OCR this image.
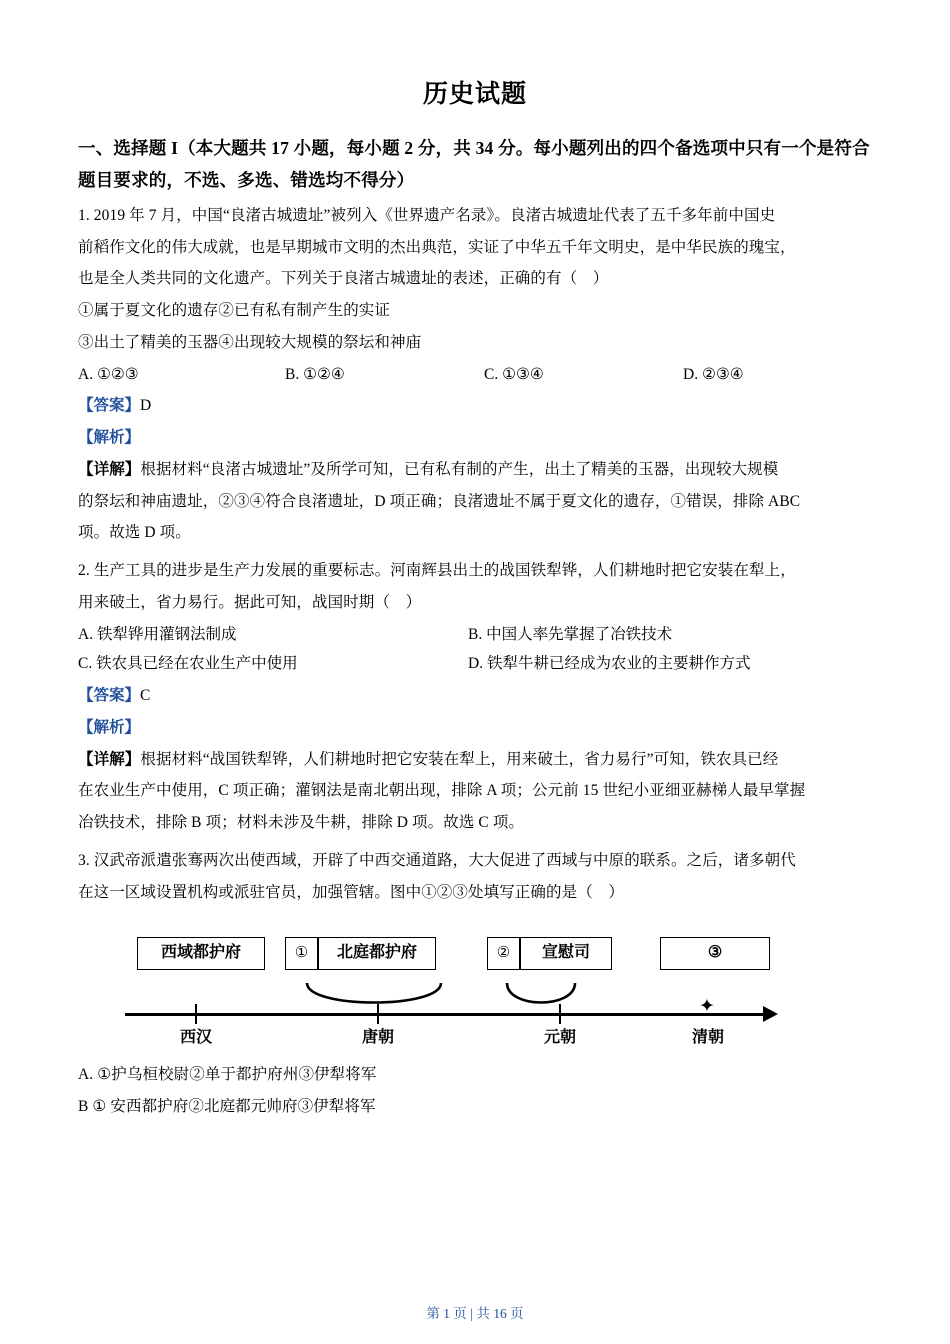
历史试题
一、选择题 I（本大题共 17 小题，每小题 2 分，共 34 分。每小题列出的四个备选项中只有一个是符合题目要求的，不选、多选、错选均不得分）

1. 2019 年 7 月，中国“良渚古城遗址”被列入《世界遗产名录》。良渚古城遗址代表了五千多年前中国史

前稻作文化的伟大成就，也是早期城市文明的杰出典范，实证了中华五千年文明史，是中华民族的瑰宝，

也是全人类共同的文化遗产。下列关于良渚古城遗址的表述，正确的有（　）

①属于夏文化的遗存②已有私有制产生的实证

③出土了精美的玉器④出现较大规模的祭坛和神庙

A. ①②③	B. ①②④	C. ①③④	D. ②③④

【答案】D

【解析】

【详解】根据材料“良渚古城遗址”及所学可知，已有私有制的产生，出土了精美的玉器，出现较大规模

的祭坛和神庙遗址，②③④符合良渚遗址，D 项正确；良渚遗址不属于夏文化的遗存，①错误，排除 ABC

项。故选 D 项。

2. 生产工具的进步是生产力发展的重要标志。河南辉县出土的战国铁犁铧，人们耕地时把它安装在犁上，

用来破土，省力易行。据此可知，战国时期（　）

A. 铁犁铧用灌钢法制成	B. 中国人率先掌握了冶铁技术
C. 铁农具已经在农业生产中使用	D. 铁犁牛耕已经成为农业的主要耕作方式

【答案】C

【解析】

【详解】根据材料“战国铁犁铧，人们耕地时把它安装在犁上，用来破土，省力易行”可知，铁农具已经

在农业生产中使用，C 项正确；灌钢法是南北朝出现，排除 A 项；公元前 15 世纪小亚细亚赫梯人最早掌握

冶铁技术，排除 B 项；材料未涉及牛耕，排除 D 项。故选 C 项。

3. 汉武帝派遣张骞两次出使西域，开辟了中西交通道路，大大促进了西域与中原的联系。之后，诸多朝代

在这一区域设置机构或派驻官员，加强管辖。图中①②③处填写正确的是（　）

西域都护府	①	北庭都护府	②	宣慰司	③
✦
西汉	唐朝	元朝	清朝

A. ①护乌桓校尉②单于都护府州③伊犁将军

B ① 安西都护府②北庭都元帅府③伊犁将军

第 1 页 | 共 16 页
